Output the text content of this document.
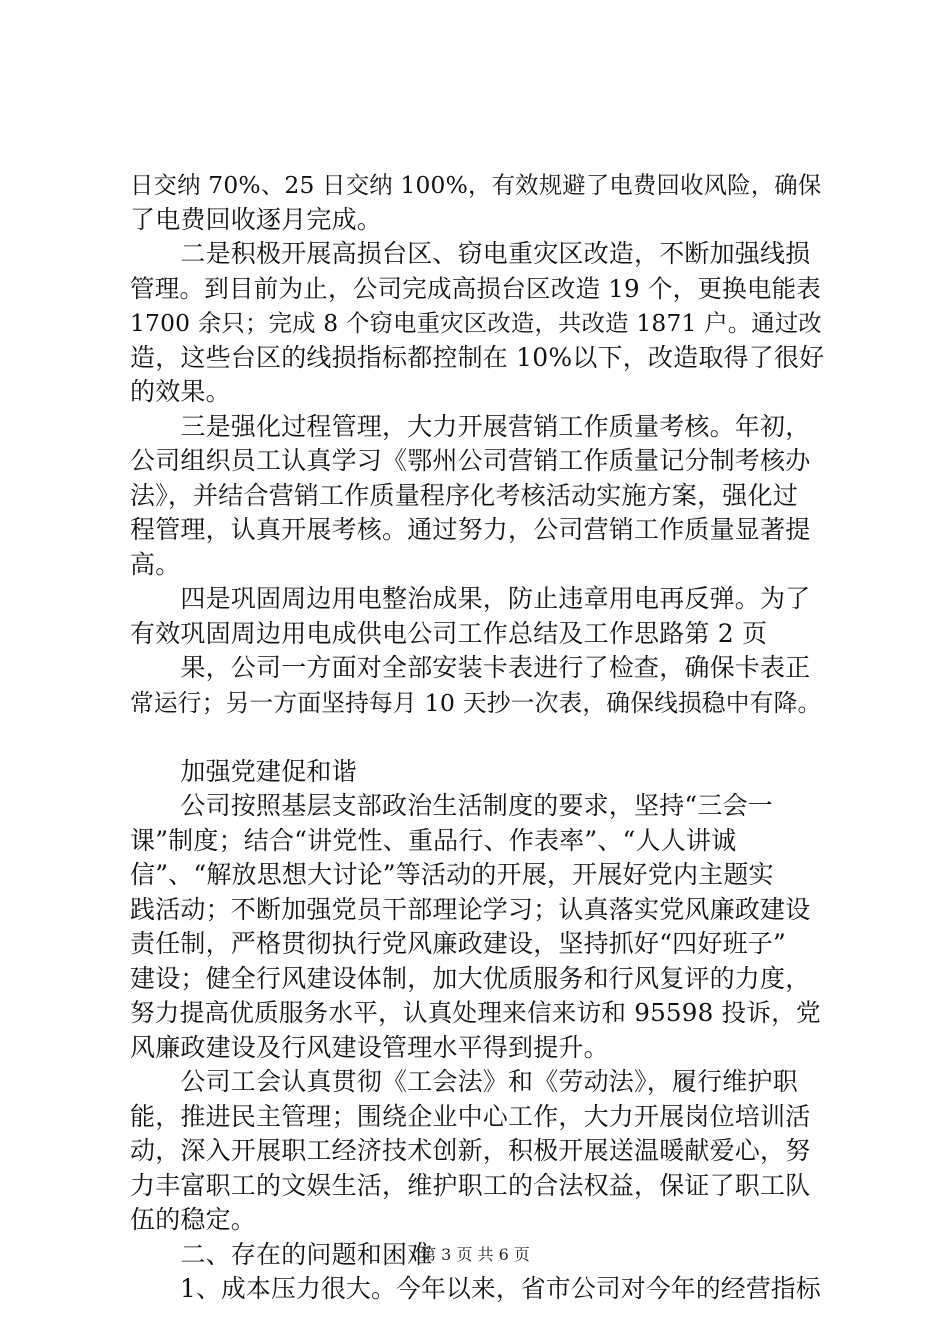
日交纳 70%、25 日交纳 100%，有效规避了电费回收风险，确保
了电费回收逐月完成。
　　二是积极开展高损台区、窃电重灾区改造，不断加强线损
管理。到目前为止，公司完成高损台区改造 19 个，更换电能表
1700 余只；完成 8 个窃电重灾区改造，共改造 1871 户。通过改
造，这些台区的线损指标都控制在 10%以下，改造取得了很好
的效果。
　　三是强化过程管理，大力开展营销工作质量考核。年初，
公司组织员工认真学习《鄂州公司营销工作质量记分制考核办
法》，并结合营销工作质量程序化考核活动实施方案，强化过
程管理，认真开展考核。通过努力，公司营销工作质量显著提
高。
　　四是巩固周边用电整治成果，防止违章用电再反弹。为了
有效巩固周边用电成供电公司工作总结及工作思路第 2 页
　　果，公司一方面对全部安装卡表进行了检查，确保卡表正
常运行；另一方面坚持每月 10 天抄一次表，确保线损稳中有降。
　　加强党建促和谐
　　公司按照基层支部政治生活制度的要求，坚持“三会一
课”制度；结合“讲党性、重品行、作表率”、“人人讲诚
信”、“解放思想大讨论”等活动的开展，开展好党内主题实
践活动；不断加强党员干部理论学习；认真落实党风廉政建设
责任制，严格贯彻执行党风廉政建设，坚持抓好“四好班子”
建设；健全行风建设体制，加大优质服务和行风复评的力度，
努力提高优质服务水平，认真处理来信来访和 95598 投诉，党
风廉政建设及行风建设管理水平得到提升。
　　公司工会认真贯彻《工会法》和《劳动法》，履行维护职
能，推进民主管理；围绕企业中心工作，大力开展岗位培训活
动，深入开展职工经济技术创新，积极开展送温暖献爱心，努
力丰富职工的文娱生活，维护职工的合法权益，保证了职工队
伍的稳定。
　　二、存在的问题和困难
　　1、成本压力很大。今年以来，省市公司对今年的经营指标
第 3 页 共 6 页
